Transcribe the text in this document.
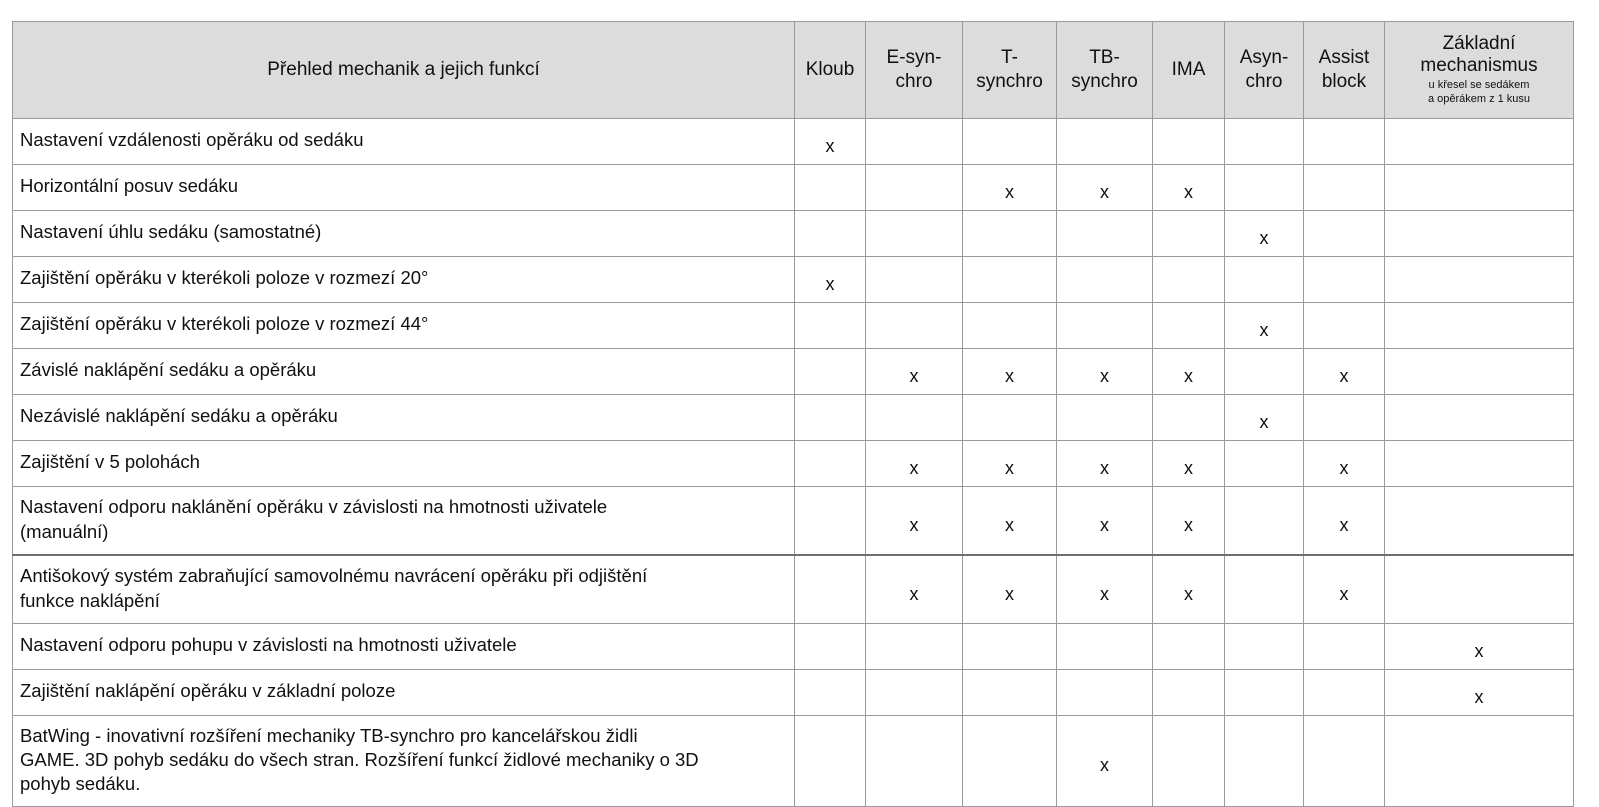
Přehled mechanik a jejich funkcí	Kloub	E-syn-
chro	T-
synchro	TB-
synchro	IMA	Asyn-
chro	Assist
block	Základní
mechanismus
u křesel se sedákem
a opěrákem z 1 kusu

Nastavení vzdálenosti opěráku od sedáku	x							
Horizontální posuv sedáku			x	x	x			
Nastavení úhlu sedáku (samostatné)						x		
Zajištění opěráku v kterékoli poloze v rozmezí 20°	x							
Zajištění opěráku v kterékoli poloze v rozmezí 44°						x		
Závislé naklápění sedáku a opěráku		x	x	x	x		x	
Nezávislé naklápění sedáku a opěráku						x		
Zajištění v 5 polohách		x	x	x	x		x	
Nastavení odporu naklánění opěráku v závislosti na hmotnosti uživatele
(manuální)		x	x	x	x		x	
Antišokový systém zabraňující samovolnému navrácení opěráku při odjištění
funkce naklápění		x	x	x	x		x	
Nastavení odporu pohupu v závislosti na hmotnosti uživatele								x
Zajištění naklápění opěráku v základní poloze								x
BatWing - inovativní rozšíření mechaniky TB-synchro pro kancelářskou židli
GAME. 3D pohyb sedáku do všech stran. Rozšíření funkcí židlové mechaniky o 3D
pohyb sedáku.				x				
